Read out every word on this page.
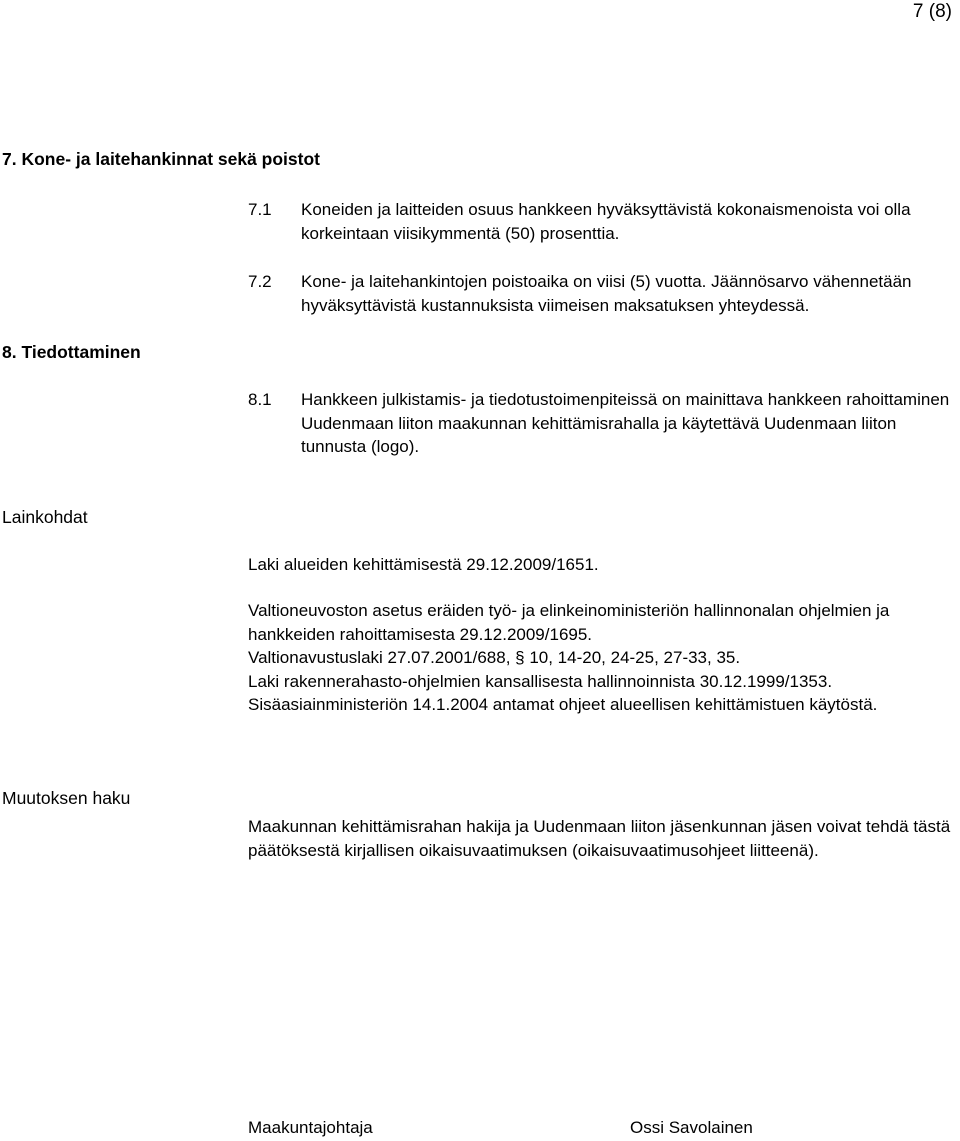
7 (8)
7. Kone- ja laitehankinnat sekä poistot
7.1	Koneiden ja laitteiden osuus hankkeen hyväksyttävistä kokonaismenoista voi olla korkeintaan viisikymmentä (50) prosenttia.
7.2	Kone- ja laitehankintojen poistoaika on viisi (5) vuotta. Jäännösarvo vähennetään hyväksyttävistä kustannuksista viimeisen maksatuksen yhteydessä.
8. Tiedottaminen
8.1	Hankkeen julkistamis- ja tiedotustoimenpiteissä on mainittava hankkeen rahoittaminen Uudenmaan liiton maakunnan kehittämisrahalla ja käytettävä Uudenmaan liiton tunnusta (logo).
Lainkohdat
Laki alueiden kehittämisestä 29.12.2009/1651.

Valtioneuvoston asetus eräiden työ- ja elinkeinoministeriön hallinnonalan ohjelmien ja hankkeiden rahoittamisesta 29.12.2009/1695.

Valtionavustuslaki 27.07.2001/688, § 10, 14-20, 24-25, 27-33, 35.

Laki rakennerahasto-ohjelmien kansallisesta hallinnoinnista 30.12.1999/1353.

Sisäasiainministeriön 14.1.2004 antamat ohjeet alueellisen kehittämistuen käytöstä.

Muutoksen haku
Maakunnan kehittämisrahan hakija ja Uudenmaan liiton jäsenkunnan jäsen voivat tehdä tästä päätöksestä kirjallisen oikaisuvaatimuksen (oikaisuvaatimusohjeet liitteenä).
Maakuntajohtaja	Ossi Savolainen
